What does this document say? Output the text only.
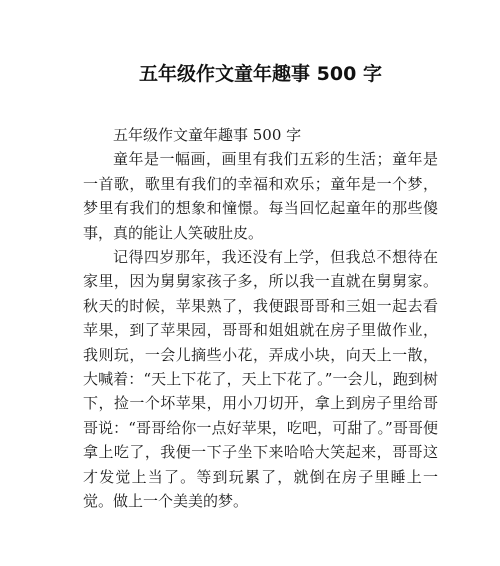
五年级作文童年趣事 500 字

五年级作文童年趣事 500 字

童年是一幅画，画里有我们五彩的生活；童年是一首歌，歌里有我们的幸福和欢乐；童年是一个梦，梦里有我们的想象和憧憬。每当回忆起童年的那些傻事，真的能让人笑破肚皮。

记得四岁那年，我还没有上学，但我总不想待在家里，因为舅舅家孩子多，所以我一直就在舅舅家。秋天的时候，苹果熟了，我便跟哥哥和三姐一起去看苹果，到了苹果园，哥哥和姐姐就在房子里做作业，我则玩，一会儿摘些小花，弄成小块，向天上一散，大喊着：“天上下花了，天上下花了。”一会儿，跑到树下，捡一个坏苹果，用小刀切开，拿上到房子里给哥哥说：“哥哥给你一点好苹果，吃吧，可甜了。”哥哥便拿上吃了，我便一下子坐下来哈哈大笑起来，哥哥这才发觉上当了。等到玩累了，就倒在房子里睡上一觉。做上一个美美的梦。
